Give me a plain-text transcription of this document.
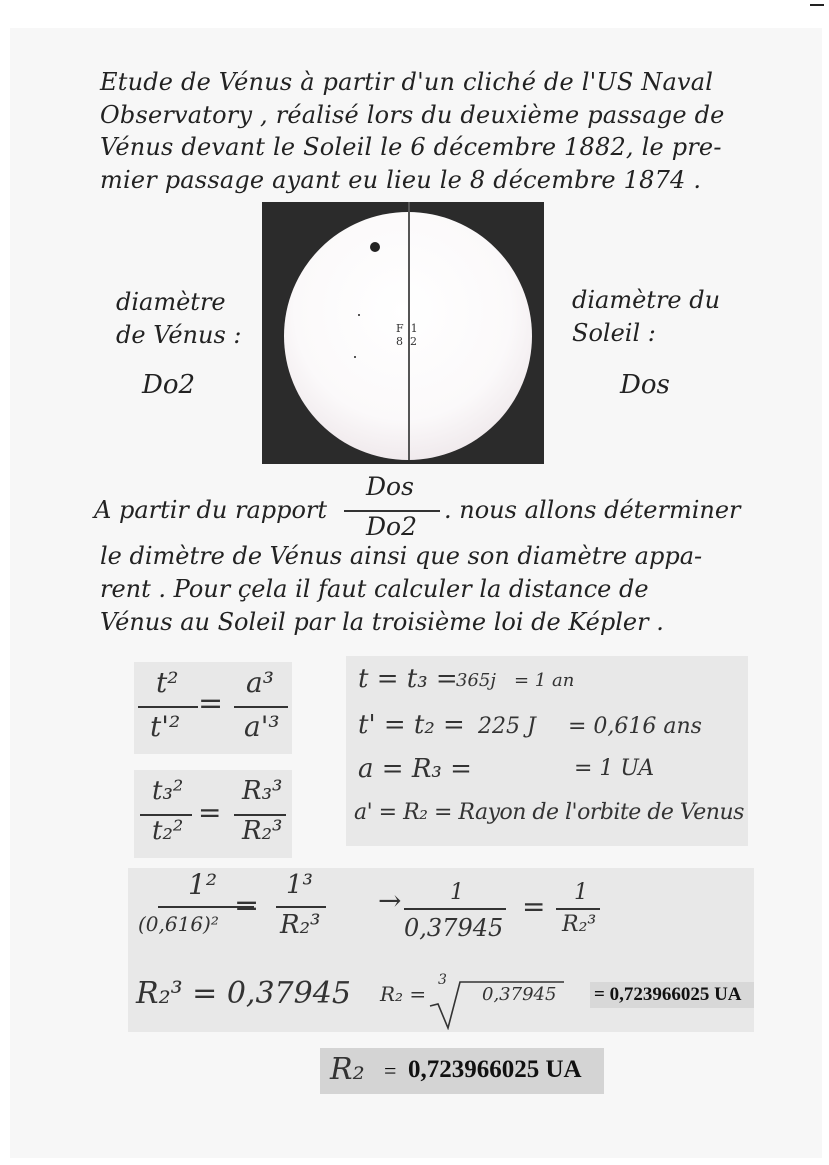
Etude de Vénus à partir d'un cliché de l'US Naval
Observatory , réalisé lors du deuxième passage de
Vénus devant le Soleil le 6 décembre 1882, le pre-
mier passage ayant eu lieu le 8 décembre 1874 .
F  1
8  2
diamètre
de Vénus :
Do2
diamètre du
Soleil :
Dos
A partir du rapport
Dos
Do2
. nous allons déterminer
le dimètre de Vénus ainsi que son diamètre appa-
rent . Pour çela il faut calculer la distance de
Vénus au Soleil par la troisième loi de Képler .
t²
t'²
=
a³
a'³
t₃²
t₂²
=
R₃³
R₂³
t = t₃ =
365j = 1 an
t' = t₂ = 225 J = 0,616 ans
a = R₃ =	= 1 UA
a' = R₂ = Rayon de l'orbite de Venus
1²
(0,616)²
=
1³
R₂³
→ 1
0,37945
= 1
R₂³
R₂³ = 0,37945 R₂ =
3
0,37945 = 0,723966025 UA
R₂ = 0,723966025 UA
